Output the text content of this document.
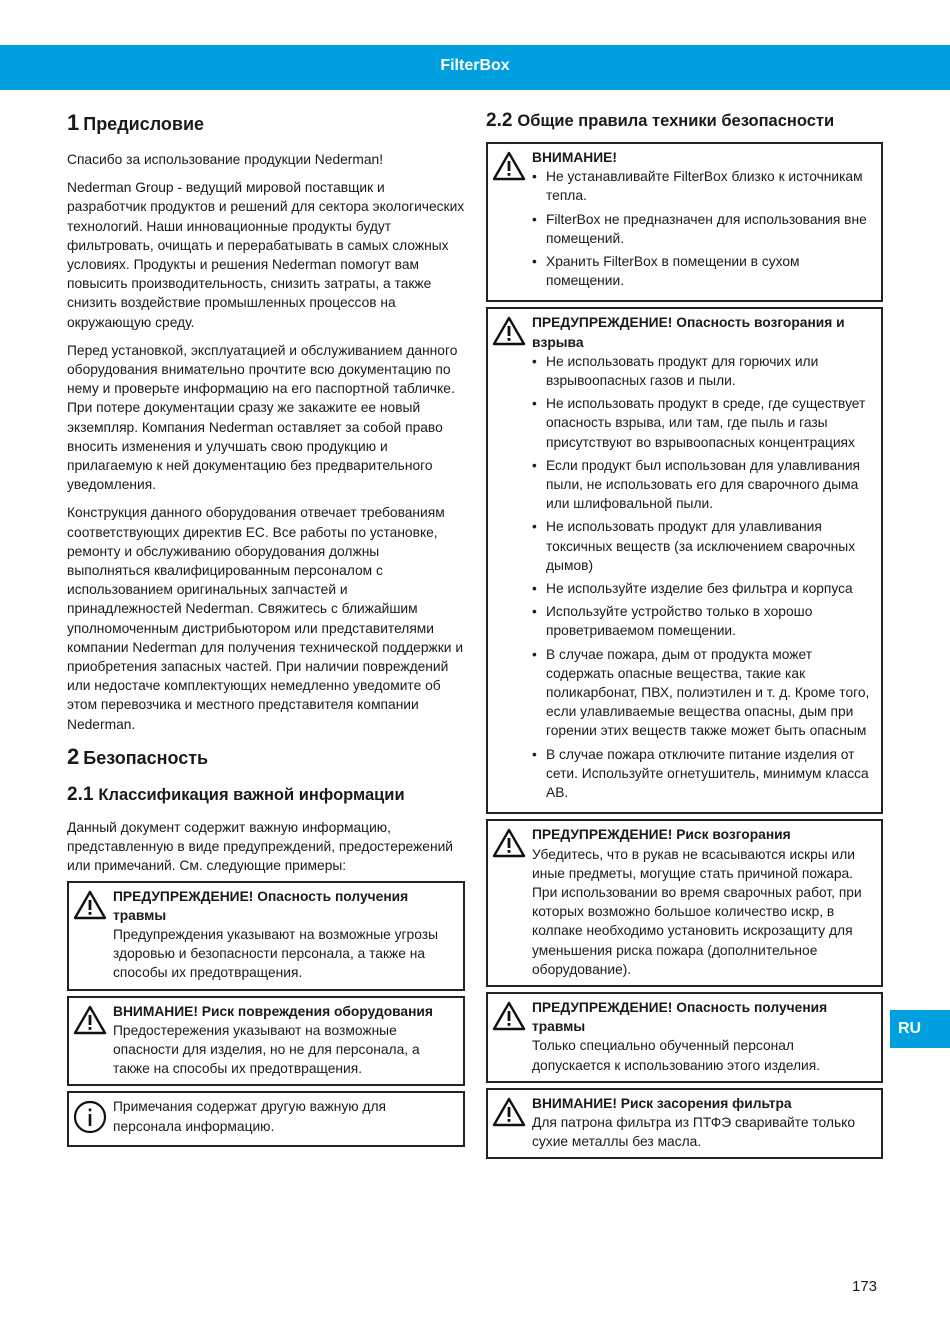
FilterBox
1 Предисловие

Спасибо за использование продукции Nederman!

Nederman Group - ведущий мировой поставщик и разработчик продуктов и решений для сектора экологических технологий. Наши инновационные продукты будут фильтровать, очищать и перерабатывать в самых сложных условиях. Продукты и решения Nederman помогут вам повысить производительность, снизить затраты, а также снизить воздействие промышленных процессов на окружающую среду.

Перед установкой, эксплуатацией и обслуживанием данного оборудования внимательно прочтите всю документацию по нему и проверьте информацию на его паспортной табличке. При потере документации сразу же закажите ее новый экземпляр. Компания Nederman оставляет за собой право вносить изменения и улучшать свою продукцию и прилагаемую к ней документацию без предварительного уведомления.

Конструкция данного оборудования отвечает требованиям соответствующих директив ЕС. Все работы по установке, ремонту и обслуживанию оборудования должны выполняться квалифицированным персоналом с использованием оригинальных запчастей и принадлежностей Nederman. Свяжитесь с ближайшим уполномоченным дистрибьютором или представителями компании Nederman для получения технической поддержки и приобретения запасных частей. При наличии повреждений или недостаче комплектующих немедленно уведомите об этом перевозчика и местного представителя компании Nederman.

2 Безопасность
2.1 Классификация важной информации

Данный документ содержит важную информацию, представленную в виде предупреждений, предостережений или примечаний. См. следующие примеры:

ПРЕДУПРЕЖДЕНИЕ! Опасность получения травмы
Предупреждения указывают на возможные угрозы здоровью и безопасности персонала, а также на способы их предотвращения.
ВНИМАНИЕ! Риск повреждения оборудования
Предостережения указывают на возможные опасности для изделия, но не для персонала, а также на способы их предотвращения.
Примечания содержат другую важную для персонала информацию.
2.2 Общие правила техники безопасности
ВНИМАНИЕ!
• Не устанавливайте FilterBox близко к источникам тепла.
• FilterBox не предназначен для использования вне помещений.
• Хранить FilterBox в помещении в сухом помещении.
ПРЕДУПРЕЖДЕНИЕ! Опасность возгорания и взрыва
• Не использовать продукт для горючих или взрывоопасных газов и пыли.
• Не использовать продукт в среде, где существует опасность взрыва, или там, где пыль и газы присутствуют во взрывоопасных концентрациях
• Если продукт был использован для улавливания пыли, не использовать его для сварочного дыма или шлифовальной пыли.
• Не использовать продукт для улавливания токсичных веществ (за исключением сварочных дымов)
• Не используйте изделие без фильтра и корпуса
• Используйте устройство только в хорошо проветриваемом помещении.
• В случае пожара, дым от продукта может содержать опасные вещества, такие как поликарбонат, ПВХ, полиэтилен и т. д. Кроме того, если улавливаемые вещества опасны, дым при горении этих веществ также может быть опасным
• В случае пожара отключите питание изделия от сети. Используйте огнетушитель, минимум класса AB.
ПРЕДУПРЕЖДЕНИЕ! Риск возгорания
Убедитесь, что в рукав не всасываются искры или иные предметы, могущие стать причиной пожара. При использовании во время сварочных работ, при которых возможно большое количество искр, в колпаке необходимо установить искрозащиту для уменьшения риска пожара (дополнительное оборудование).
ПРЕДУПРЕЖДЕНИЕ! Опасность получения травмы
Только специально обученный персонал допускается к использованию этого изделия.
ВНИМАНИЕ! Риск засорения фильтра
Для патрона фильтра из ПТФЭ сваривайте только сухие металлы без масла.
RU
173
